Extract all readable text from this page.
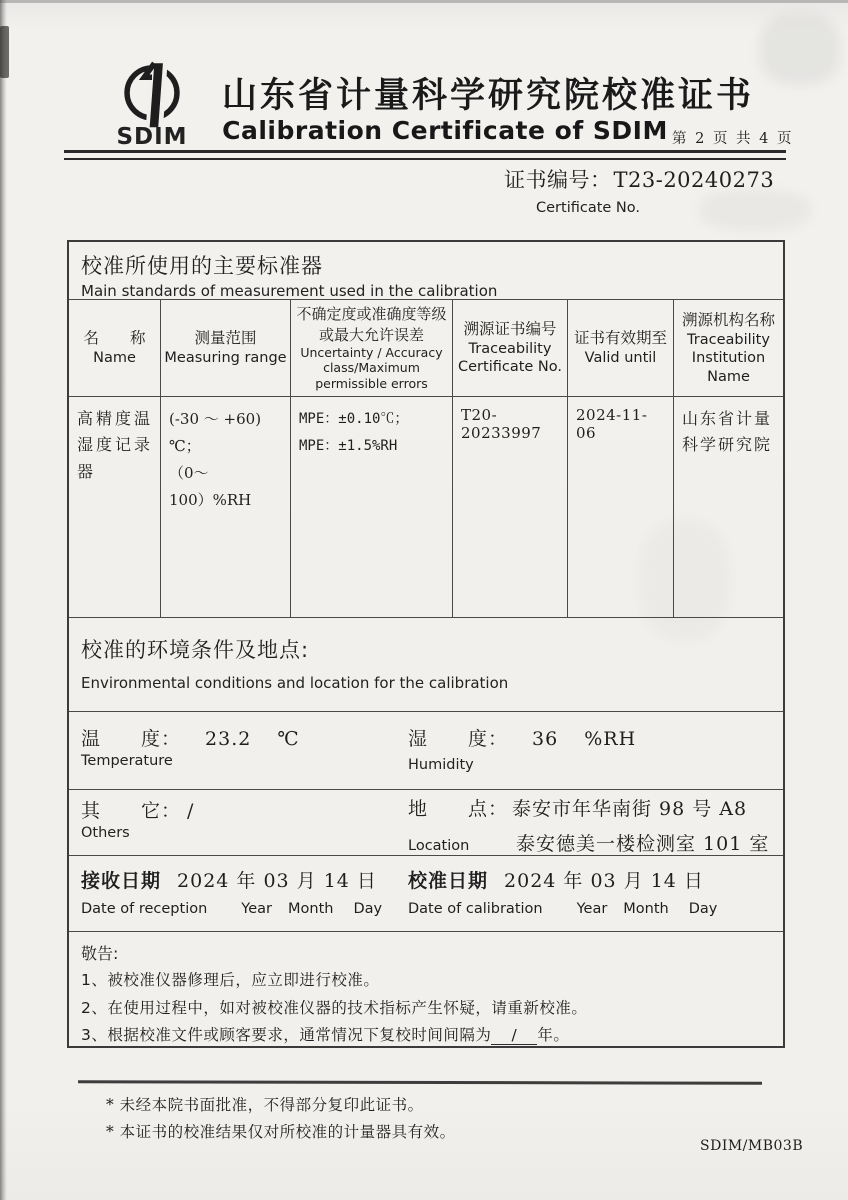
SDIM
山东省计量科学研究院校准证书
Calibration Certificate of SDIM 第 2 页 共 4 页
证书编号：T23-20240273
Certificate No.
校准所使用的主要标准器
Main standards of measurement used in the calibration
名　　称
Name
测量范围
Measuring range
不确定度或准确度等级或最大允许误差
Uncertainty / Accuracy class/Maximum permissible errors
溯源证书编号
Traceability Certificate No.
证书有效期至
Valid until
溯源机构名称
Traceability Institution Name
高精度温湿度记录器
(-30 ～ +60) ℃；
（0～100）%RH
MPE：±0.10℃；
MPE：±1.5%RH
T20-20233997
2024-11-06
山东省计量科学研究院
校准的环境条件及地点:
Environmental conditions and location for the calibration
温　　度： 23.2 ℃
Temperature
湿　　度： 36 %RH
Humidity
其　　它： /
Others
地　　点： 泰安市年华南街 98 号 A8
Location	泰安德美一楼检测室 101 室
接收日期 2024 年 03 月 14 日
Date of reception Year Month Day
校准日期 2024 年 03 月 14 日
Date of calibration Year Month Day
敬告:
1、被校准仪器修理后，应立即进行校准。
2、在使用过程中，如对被校准仪器的技术指标产生怀疑，请重新校准。
3、根据校准文件或顾客要求，通常情况下复校时间间隔为 / 年。
* 未经本院书面批准，不得部分复印此证书。
* 本证书的校准结果仅对所校准的计量器具有效。
SDIM/MB03B
